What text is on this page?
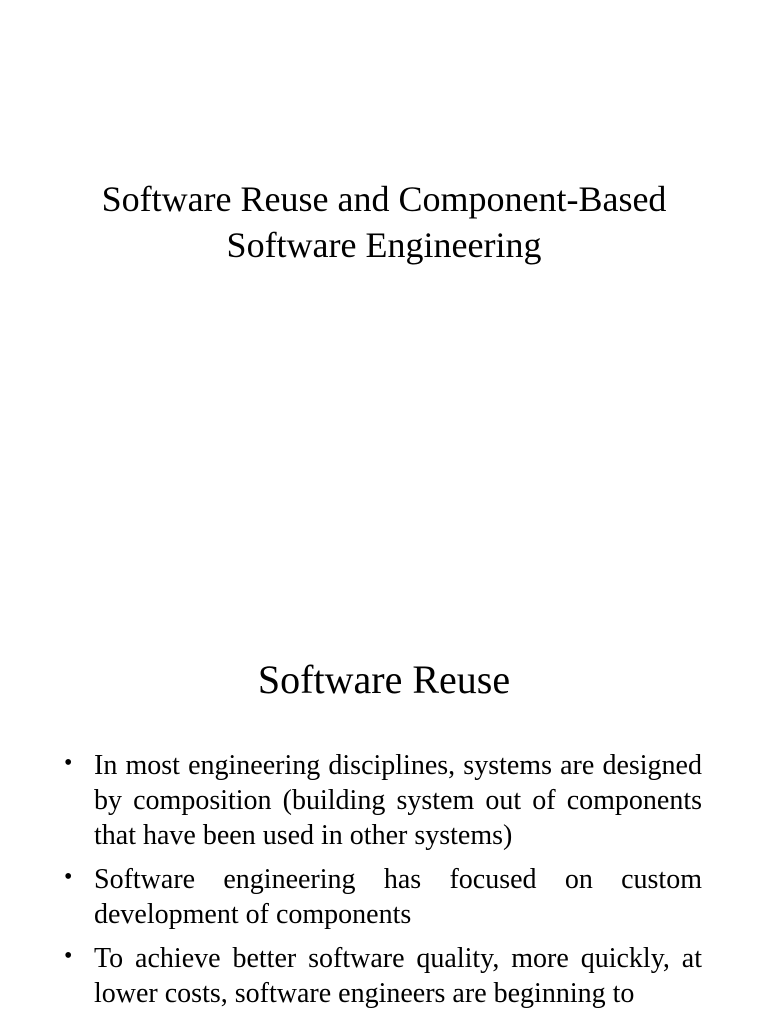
Software Reuse and Component-Based
Software Engineering
Software Reuse
• In most engineering disciplines, systems are designed by composition (building system out of components that have been used in other systems)
• Software engineering has focused on custom development of components
• To achieve better software quality, more quickly, at lower costs, software engineers are beginning to
